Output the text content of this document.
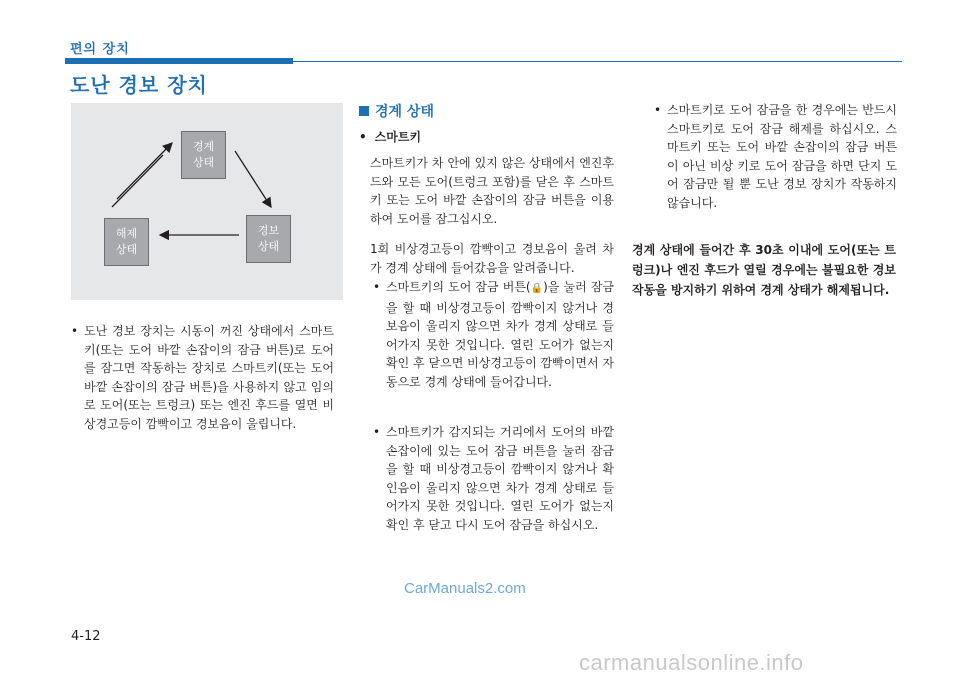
편의 장치
도난 경보 장치
경계
상태
해제
상태
경보
상태
• 도난 경보 장치는 시동이 꺼진 상태에서 스마트키(또는 도어 바깥 손잡이의 잠금 버튼)로 도어를 잠그면 작동하는 장치로 스마트키(또는 도어 바깥 손잡이의 잠금 버튼)을 사용하지 않고 임의로 도어(또는 트렁크) 또는 엔진 후드를 열면 비상경고등이 깜빡이고 경보음이 울립니다.

경계 상태
• 스마트키

스마트키가 차 안에 있지 않은 상태에서 엔진후드와 모든 도어(트렁크 포함)를 닫은 후 스마트키 또는 도어 바깥 손잡이의 잠금 버튼을 이용하여 도어를 잠그십시오.

1회 비상경고등이 깜빡이고 경보음이 울려 차가 경계 상태에 들어갔음을 알려줍니다.

• 스마트키의 도어 잠금 버튼(🔒)을 눌러 잠금을 할 때 비상경고등이 깜빡이지 않거나 경보음이 울리지 않으면 차가 경계 상태로 들어가지 못한 것입니다. 열린 도어가 없는지 확인 후 닫으면 비상경고등이 깜빡이면서 자동으로 경계 상태에 들어갑니다.

• 스마트키가 감지되는 거리에서 도어의 바깥 손잡이에 있는 도어 잠금 버튼을 눌러 잠금을 할 때 비상경고등이 깜빡이지 않거나 확인음이 울리지 않으면 차가 경계 상태로 들어가지 못한 것입니다. 열린 도어가 없는지 확인 후 닫고 다시 도어 잠금을 하십시오.

• 스마트키로 도어 잠금을 한 경우에는 반드시 스마트키로 도어 잠금 해제를 하십시오. 스마트키 또는 도어 바깥 손잡이의 잠금 버튼이 아닌 비상 키로 도어 잠금을 하면 단지 도어 잠금만 될 뿐 도난 경보 장치가 작동하지 않습니다.

경계 상태에 들어간 후 30초 이내에 도어(또는 트렁크)나 엔진 후드가 열릴 경우에는 불필요한 경보 작동을 방지하기 위하여 경계 상태가 해제됩니다.

CarManuals2.com
4-12
carmanualsonline.info
